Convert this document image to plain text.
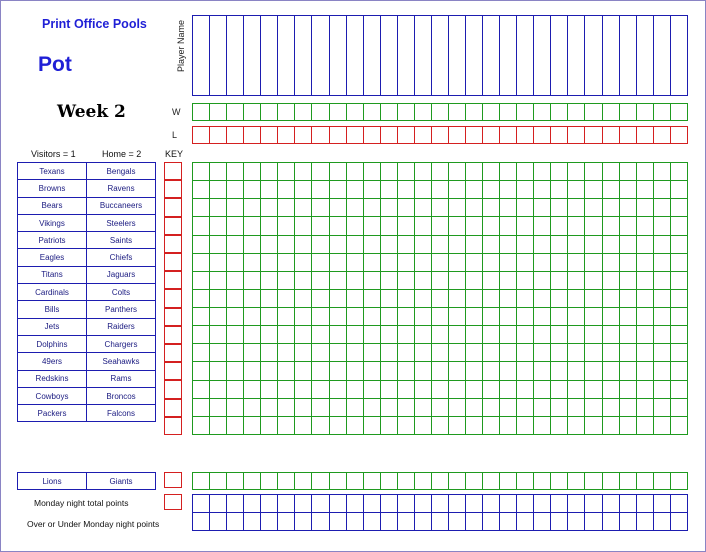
Print Office Pools
Pot
Week 2
Player Name

W

L

Visitors = 1	Home = 2	KEY
Texans	Bengals
Browns	Ravens
Bears	Buccaneers
Vikings	Steelers
Patriots	Saints
Eagles	Chiefs
Titans	Jaguars
Cardinals	Colts
Bills	Panthers
Jets	Raiders
Dolphins	Chargers
49ers	Seahawks
Redskins	Rams
Cowboys	Broncos
Packers	Falcons

Lions	Giants

Monday night total points
Over or Under Monday night points
